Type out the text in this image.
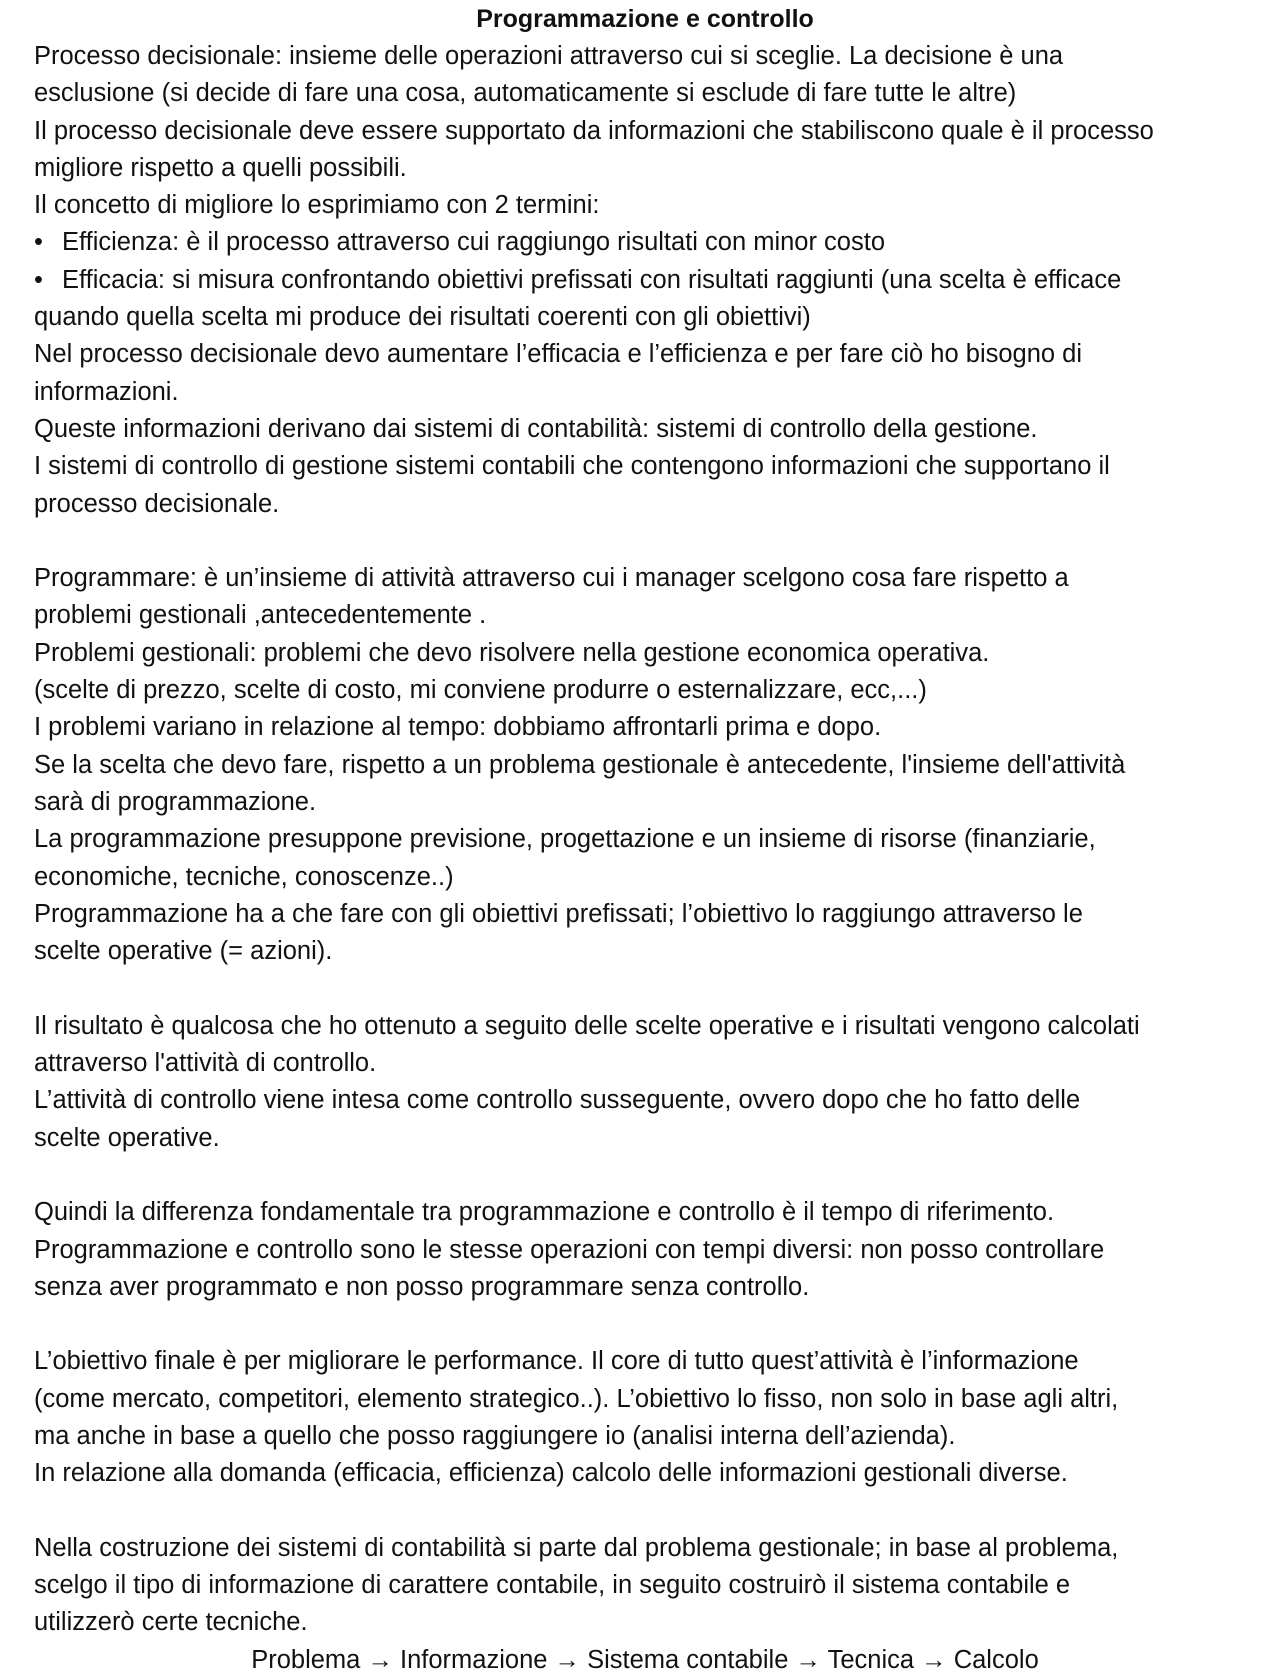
Programmazione e controllo

Processo decisionale: insieme delle operazioni attraverso cui si sceglie. La decisione è una

esclusione (si decide di fare una cosa, automaticamente si esclude di fare tutte le altre)

Il processo decisionale deve essere supportato da informazioni che stabiliscono quale è il processo

migliore rispetto a quelli possibili.

Il concetto di migliore lo esprimiamo con 2 termini:

• Efficienza: è il processo attraverso cui raggiungo risultati con minor costo

• Efficacia: si misura confrontando obiettivi prefissati con risultati raggiunti (una scelta è efficace

quando quella scelta mi produce dei risultati coerenti con gli obiettivi)

Nel processo decisionale devo aumentare l’efficacia e l’efficienza e per fare ciò ho bisogno di

informazioni.

Queste informazioni derivano dai sistemi di contabilità: sistemi di controllo della gestione.

I sistemi di controllo di gestione sistemi contabili che contengono informazioni che supportano il

processo decisionale.

Programmare: è un’insieme di attività attraverso cui i manager scelgono cosa fare rispetto a

problemi gestionali ,antecedentemente .

Problemi gestionali: problemi che devo risolvere nella gestione economica operativa.

(scelte di prezzo, scelte di costo, mi conviene produrre o esternalizzare, ecc,...)

I problemi variano in relazione al tempo: dobbiamo affrontarli prima e dopo.

Se la scelta che devo fare, rispetto a un problema gestionale è antecedente, l'insieme dell'attività

sarà di programmazione.

La programmazione presuppone previsione, progettazione e un insieme di risorse (finanziarie,

economiche, tecniche, conoscenze..)

Programmazione ha a che fare con gli obiettivi prefissati; l’obiettivo lo raggiungo attraverso le

scelte operative (= azioni).

Il risultato è qualcosa che ho ottenuto a seguito delle scelte operative e i risultati vengono calcolati

attraverso l'attività di controllo.

L’attività di controllo viene intesa come controllo susseguente, ovvero dopo che ho fatto delle

scelte operative.

Quindi la differenza fondamentale tra programmazione e controllo è il tempo di riferimento.

Programmazione e controllo sono le stesse operazioni con tempi diversi: non posso controllare

senza aver programmato e non posso programmare senza controllo.

L’obiettivo finale è per migliorare le performance. Il core di tutto quest’attività è l’informazione

(come mercato, competitori, elemento strategico..). L’obiettivo lo fisso, non solo in base agli altri,

ma anche in base a quello che posso raggiungere io (analisi interna dell’azienda).

In relazione alla domanda (efficacia, efficienza) calcolo delle informazioni gestionali diverse.

Nella costruzione dei sistemi di contabilità si parte dal problema gestionale; in base al problema,

scelgo il tipo di informazione di carattere contabile, in seguito costruirò il sistema contabile e

utilizzerò certe tecniche.

Problema → Informazione → Sistema contabile → Tecnica → Calcolo
